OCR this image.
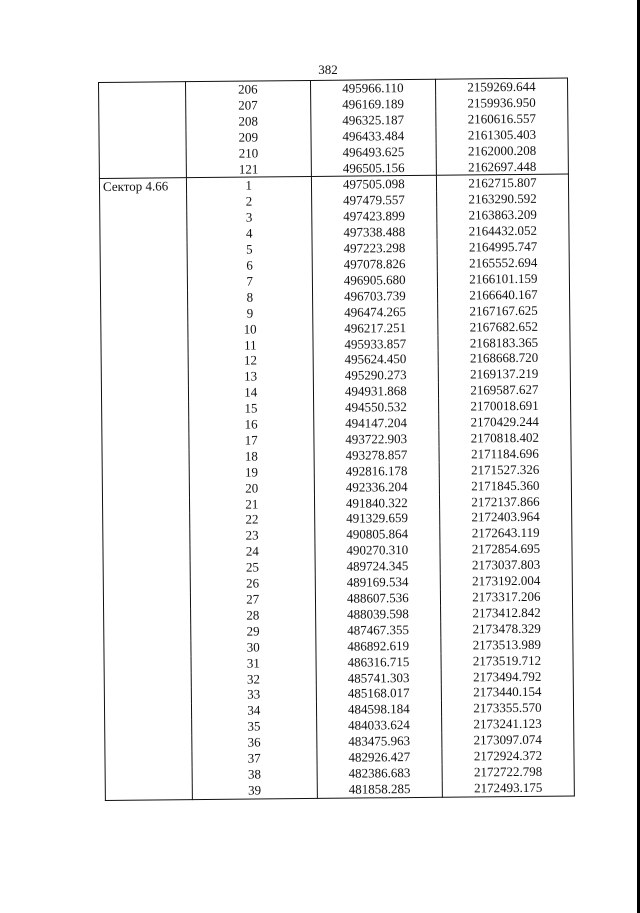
382
	206	495966.110	2159269.644
	207	496169.189	2159936.950
	208	496325.187	2160616.557
	209	496433.484	2161305.403
	210	496493.625	2162000.208
	121	496505.156	2162697.448
Сектор 4.66	1	497505.098	2162715.807
	2	497479.557	2163290.592
	3	497423.899	2163863.209
	4	497338.488	2164432.052
	5	497223.298	2164995.747
	6	497078.826	2165552.694
	7	496905.680	2166101.159
	8	496703.739	2166640.167
	9	496474.265	2167167.625
	10	496217.251	2167682.652
	11	495933.857	2168183.365
	12	495624.450	2168668.720
	13	495290.273	2169137.219
	14	494931.868	2169587.627
	15	494550.532	2170018.691
	16	494147.204	2170429.244
	17	493722.903	2170818.402
	18	493278.857	2171184.696
	19	492816.178	2171527.326
	20	492336.204	2171845.360
	21	491840.322	2172137.866
	22	491329.659	2172403.964
	23	490805.864	2172643.119
	24	490270.310	2172854.695
	25	489724.345	2173037.803
	26	489169.534	2173192.004
	27	488607.536	2173317.206
	28	488039.598	2173412.842
	29	487467.355	2173478.329
	30	486892.619	2173513.989
	31	486316.715	2173519.712
	32	485741.303	2173494.792
	33	485168.017	2173440.154
	34	484598.184	2173355.570
	35	484033.624	2173241.123
	36	483475.963	2173097.074
	37	482926.427	2172924.372
	38	482386.683	2172722.798
	39	481858.285	2172493.175
